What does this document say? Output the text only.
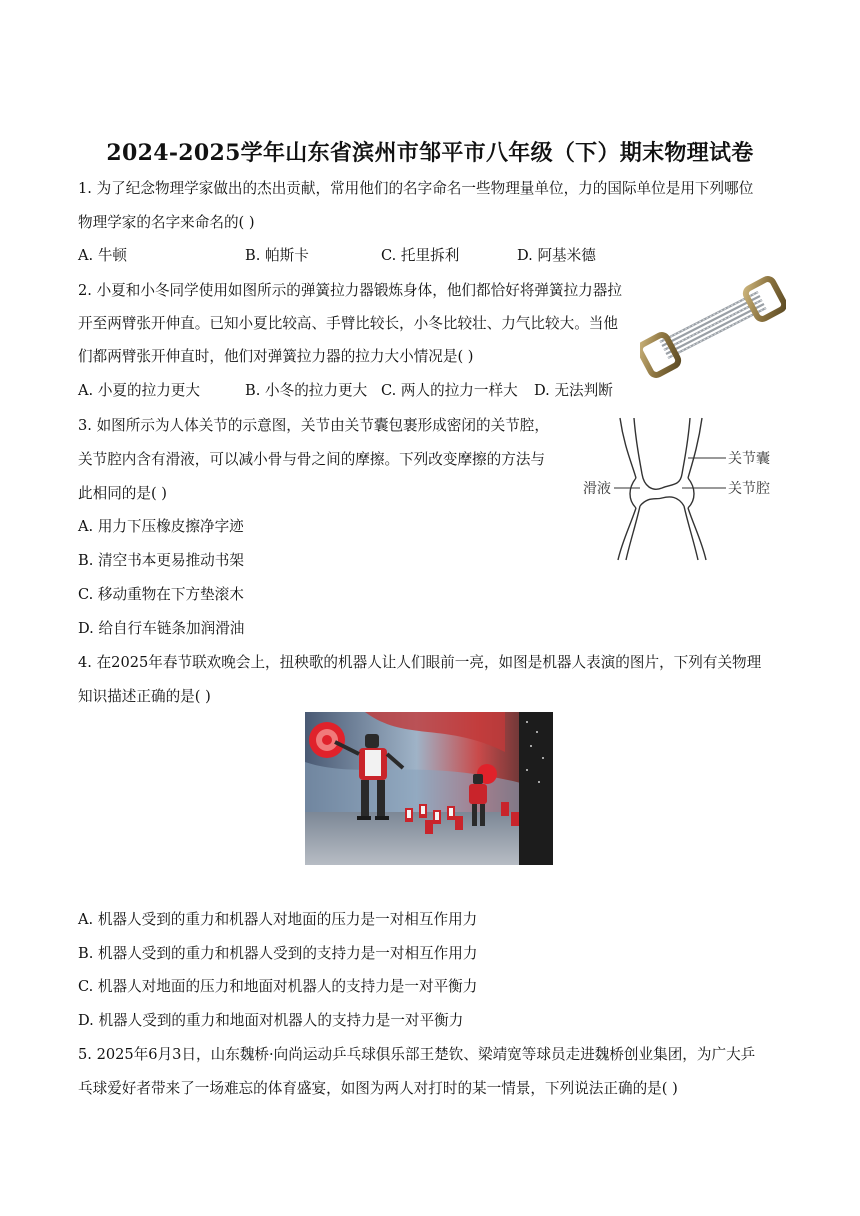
2024-2025学年山东省滨州市邹平市八年级（下）期末物理试卷
1. 为了纪念物理学家做出的杰出贡献，常用他们的名字命名一些物理量单位，力的国际单位是用下列哪位
物理学家的名字来命名的( )
A. 牛顿	B. 帕斯卡	C. 托里拆利	D. 阿基米德
2. 小夏和小冬同学使用如图所示的弹簧拉力器锻炼身体，他们都恰好将弹簧拉力器拉
开至两臂张开伸直。已知小夏比较高、手臂比较长，小冬比较壮、力气比较大。当他
们都两臂张开伸直时，他们对弹簧拉力器的拉力大小情况是( )
A. 小夏的拉力更大	B. 小冬的拉力更大 C. 两人的拉力一样大 D. 无法判断
3. 如图所示为人体关节的示意图，关节由关节囊包裹形成密闭的关节腔，
关节腔内含有滑液，可以减小骨与骨之间的摩擦。下列改变摩擦的方法与
此相同的是( )
A. 用力下压橡皮擦净字迹
B. 清空书本更易推动书架
C. 移动重物在下方垫滚木
D. 给自行车链条加润滑油
关节囊
关节腔
滑液
4. 在2025年春节联欢晚会上，扭秧歌的机器人让人们眼前一亮，如图是机器人表演的图片，下列有关物理
知识描述正确的是( )
A. 机器人受到的重力和机器人对地面的压力是一对相互作用力
B. 机器人受到的重力和机器人受到的支持力是一对相互作用力
C. 机器人对地面的压力和地面对机器人的支持力是一对平衡力
D. 机器人受到的重力和地面对机器人的支持力是一对平衡力
5. 2025年6月3日，山东魏桥·向尚运动乒乓球俱乐部王楚钦、梁靖宽等球员走进魏桥创业集团，为广大乒
乓球爱好者带来了一场难忘的体育盛宴，如图为两人对打时的某一情景，下列说法正确的是( )
